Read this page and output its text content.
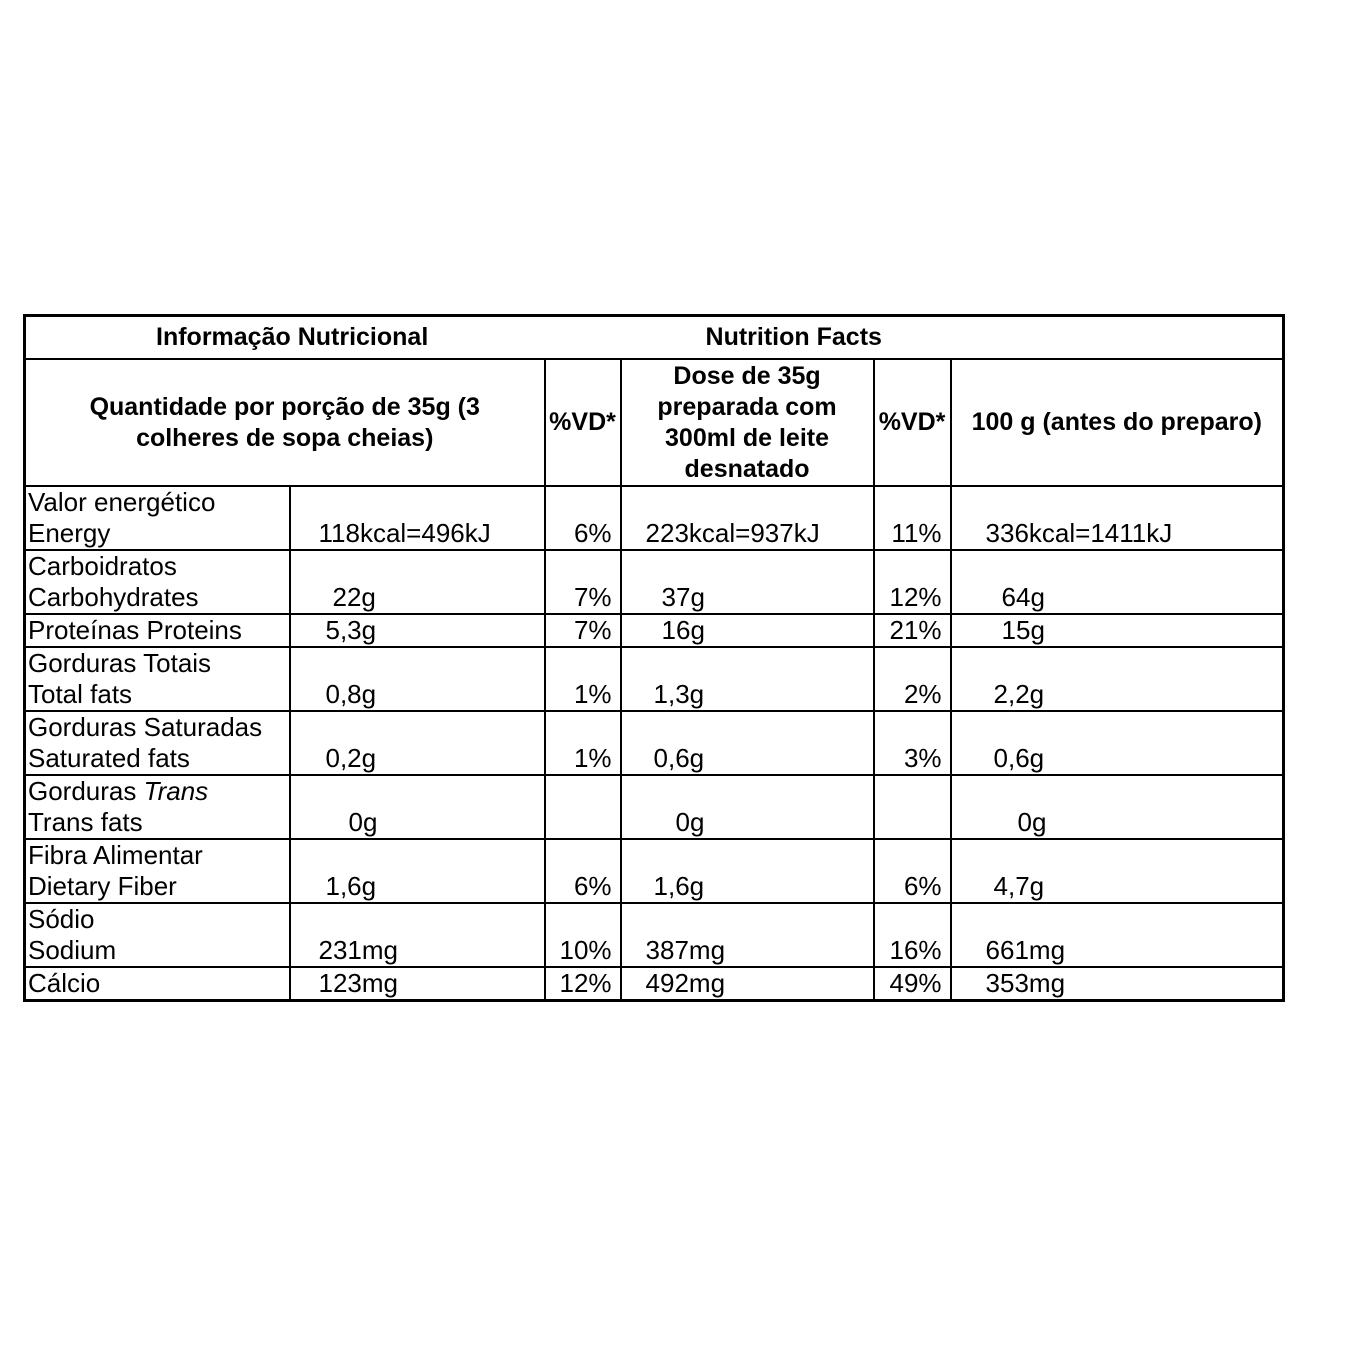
Informação Nutricional			Nutrition Facts		
Quantidade por porção de 35g (3 colheres de sopa cheias)		%VD*	Dose de 35g preparada com 300ml de leite desnatado	%VD*	100 g (antes do preparo)

Valor energético
Energy	118kcal=496kJ	6%	223kcal=937kJ	11%	336kcal=1411kJ

Carboidratos
Carbohydrates	22g	7%	37g	12%	64g
Proteínas Proteins	5,3g	7%	16g	21%	15g

Gorduras Totais
Total fats	0,8g	1%	1,3g	2%	2,2g

Gorduras Saturadas
Saturated fats	0,2g	1%	0,6g	3%	0,6g

Gorduras Trans
Trans fats	0g		0g		0g

Fibra Alimentar
Dietary Fiber	1,6g	6%	1,6g	6%	4,7g

Sódio
Sodium	231mg	10%	387mg	16%	661mg
Cálcio	123mg	12%	492mg	49%	353mg
